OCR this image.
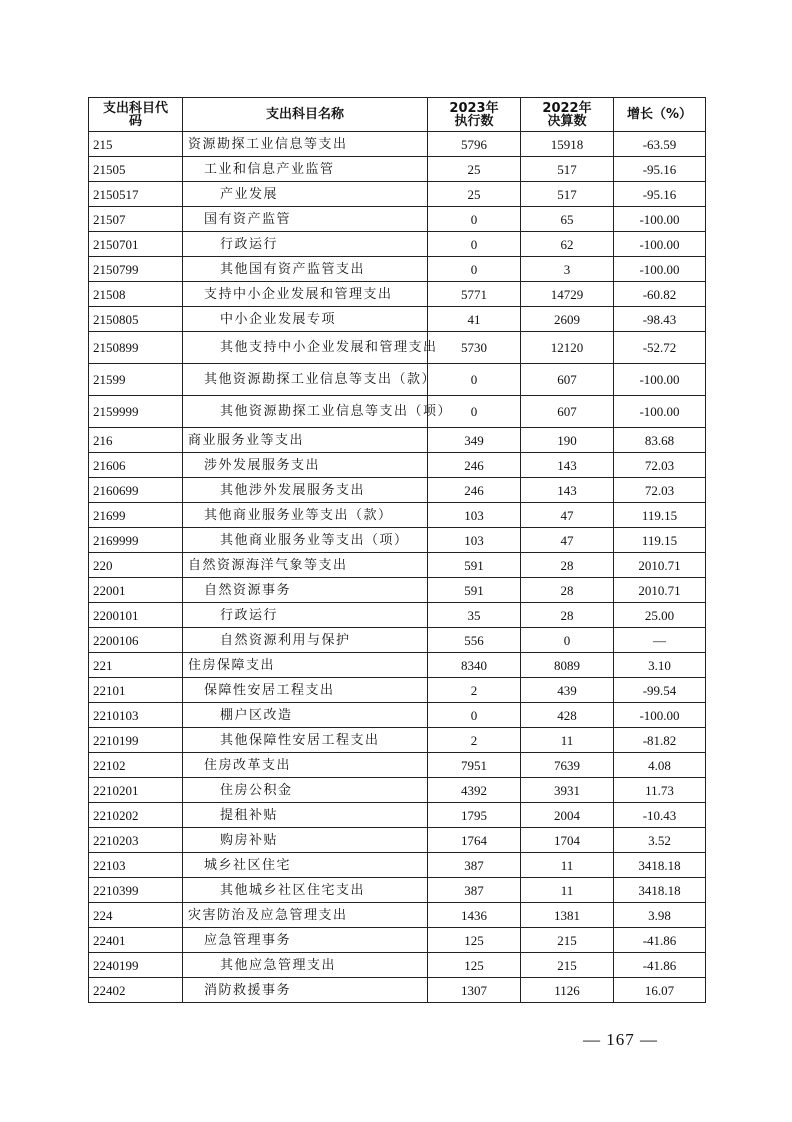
支出科目代码	支出科目名称	2023年执行数	2022年决算数	增长（%）
215	资源勘探工业信息等支出	5796	15918	-63.59
21505	工业和信息产业监管	25	517	-95.16
2150517	产业发展	25	517	-95.16
21507	国有资产监管	0	65	-100.00
2150701	行政运行	0	62	-100.00
2150799	其他国有资产监管支出	0	3	-100.00
21508	支持中小企业发展和管理支出	5771	14729	-60.82
2150805	中小企业发展专项	41	2609	-98.43
2150899	其他支持中小企业发展和管理支出	5730	12120	-52.72
21599	其他资源勘探工业信息等支出（款）	0	607	-100.00
2159999	其他资源勘探工业信息等支出（项）	0	607	-100.00
216	商业服务业等支出	349	190	83.68
21606	涉外发展服务支出	246	143	72.03
2160699	其他涉外发展服务支出	246	143	72.03
21699	其他商业服务业等支出（款）	103	47	119.15
2169999	其他商业服务业等支出（项）	103	47	119.15
220	自然资源海洋气象等支出	591	28	2010.71
22001	自然资源事务	591	28	2010.71
2200101	行政运行	35	28	25.00
2200106	自然资源利用与保护	556	0	—
221	住房保障支出	8340	8089	3.10
22101	保障性安居工程支出	2	439	-99.54
2210103	棚户区改造	0	428	-100.00
2210199	其他保障性安居工程支出	2	11	-81.82
22102	住房改革支出	7951	7639	4.08
2210201	住房公积金	4392	3931	11.73
2210202	提租补贴	1795	2004	-10.43
2210203	购房补贴	1764	1704	3.52
22103	城乡社区住宅	387	11	3418.18
2210399	其他城乡社区住宅支出	387	11	3418.18
224	灾害防治及应急管理支出	1436	1381	3.98
22401	应急管理事务	125	215	-41.86
2240199	其他应急管理支出	125	215	-41.86
22402	消防救援事务	1307	1126	16.07
— 167 —
